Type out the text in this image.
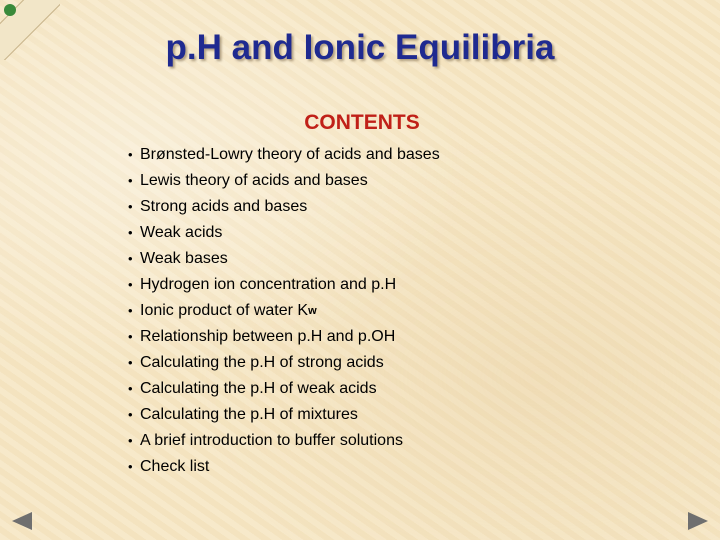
p.H and Ionic Equilibria
CONTENTS
• Brønsted-Lowry theory of acids and bases
• Lewis theory of acids and bases
• Strong acids and bases
• Weak acids
• Weak bases
• Hydrogen ion concentration and p.H
• Ionic product of water K w
• Relationship between p.H and p.OH
• Calculating the p.H of strong acids
• Calculating the p.H of weak acids
• Calculating the p.H of mixtures
• A brief introduction to buffer solutions
• Check list
